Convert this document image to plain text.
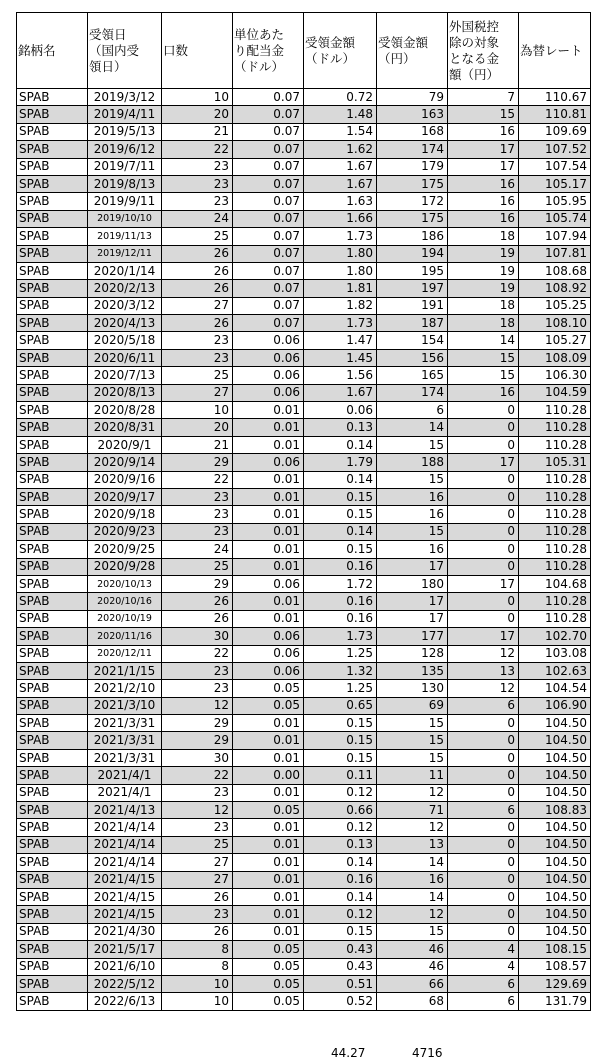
銘柄名	受領日
（国内受
領日）	口数	単位あた
り配当金
（ドル）	受領金額
（ドル）	受領金額
（円）	外国税控
除の対象
となる金
額（円）	為替レート
SPAB	2019/3/12	10	0.07	0.72	79	7	110.67
SPAB	2019/4/11	20	0.07	1.48	163	15	110.81
SPAB	2019/5/13	21	0.07	1.54	168	16	109.69
SPAB	2019/6/12	22	0.07	1.62	174	17	107.52
SPAB	2019/7/11	23	0.07	1.67	179	17	107.54
SPAB	2019/8/13	23	0.07	1.67	175	16	105.17
SPAB	2019/9/11	23	0.07	1.63	172	16	105.95
SPAB	2019/10/10	24	0.07	1.66	175	16	105.74
SPAB	2019/11/13	25	0.07	1.73	186	18	107.94
SPAB	2019/12/11	26	0.07	1.80	194	19	107.81
SPAB	2020/1/14	26	0.07	1.80	195	19	108.68
SPAB	2020/2/13	26	0.07	1.81	197	19	108.92
SPAB	2020/3/12	27	0.07	1.82	191	18	105.25
SPAB	2020/4/13	26	0.07	1.73	187	18	108.10
SPAB	2020/5/18	23	0.06	1.47	154	14	105.27
SPAB	2020/6/11	23	0.06	1.45	156	15	108.09
SPAB	2020/7/13	25	0.06	1.56	165	15	106.30
SPAB	2020/8/13	27	0.06	1.67	174	16	104.59
SPAB	2020/8/28	10	0.01	0.06	6	0	110.28
SPAB	2020/8/31	20	0.01	0.13	14	0	110.28
SPAB	2020/9/1	21	0.01	0.14	15	0	110.28
SPAB	2020/9/14	29	0.06	1.79	188	17	105.31
SPAB	2020/9/16	22	0.01	0.14	15	0	110.28
SPAB	2020/9/17	23	0.01	0.15	16	0	110.28
SPAB	2020/9/18	23	0.01	0.15	16	0	110.28
SPAB	2020/9/23	23	0.01	0.14	15	0	110.28
SPAB	2020/9/25	24	0.01	0.15	16	0	110.28
SPAB	2020/9/28	25	0.01	0.16	17	0	110.28
SPAB	2020/10/13	29	0.06	1.72	180	17	104.68
SPAB	2020/10/16	26	0.01	0.16	17	0	110.28
SPAB	2020/10/19	26	0.01	0.16	17	0	110.28
SPAB	2020/11/16	30	0.06	1.73	177	17	102.70
SPAB	2020/12/11	22	0.06	1.25	128	12	103.08
SPAB	2021/1/15	23	0.06	1.32	135	13	102.63
SPAB	2021/2/10	23	0.05	1.25	130	12	104.54
SPAB	2021/3/10	12	0.05	0.65	69	6	106.90
SPAB	2021/3/31	29	0.01	0.15	15	0	104.50
SPAB	2021/3/31	29	0.01	0.15	15	0	104.50
SPAB	2021/3/31	30	0.01	0.15	15	0	104.50
SPAB	2021/4/1	22	0.00	0.11	11	0	104.50
SPAB	2021/4/1	23	0.01	0.12	12	0	104.50
SPAB	2021/4/13	12	0.05	0.66	71	6	108.83
SPAB	2021/4/14	23	0.01	0.12	12	0	104.50
SPAB	2021/4/14	25	0.01	0.13	13	0	104.50
SPAB	2021/4/14	27	0.01	0.14	14	0	104.50
SPAB	2021/4/15	27	0.01	0.16	16	0	104.50
SPAB	2021/4/15	26	0.01	0.14	14	0	104.50
SPAB	2021/4/15	23	0.01	0.12	12	0	104.50
SPAB	2021/4/30	26	0.01	0.15	15	0	104.50
SPAB	2021/5/17	8	0.05	0.43	46	4	108.15
SPAB	2021/6/10	8	0.05	0.43	46	4	108.57
SPAB	2022/5/12	10	0.05	0.51	66	6	129.69
SPAB	2022/6/13	10	0.05	0.52	68	6	131.79
44.27	4716
